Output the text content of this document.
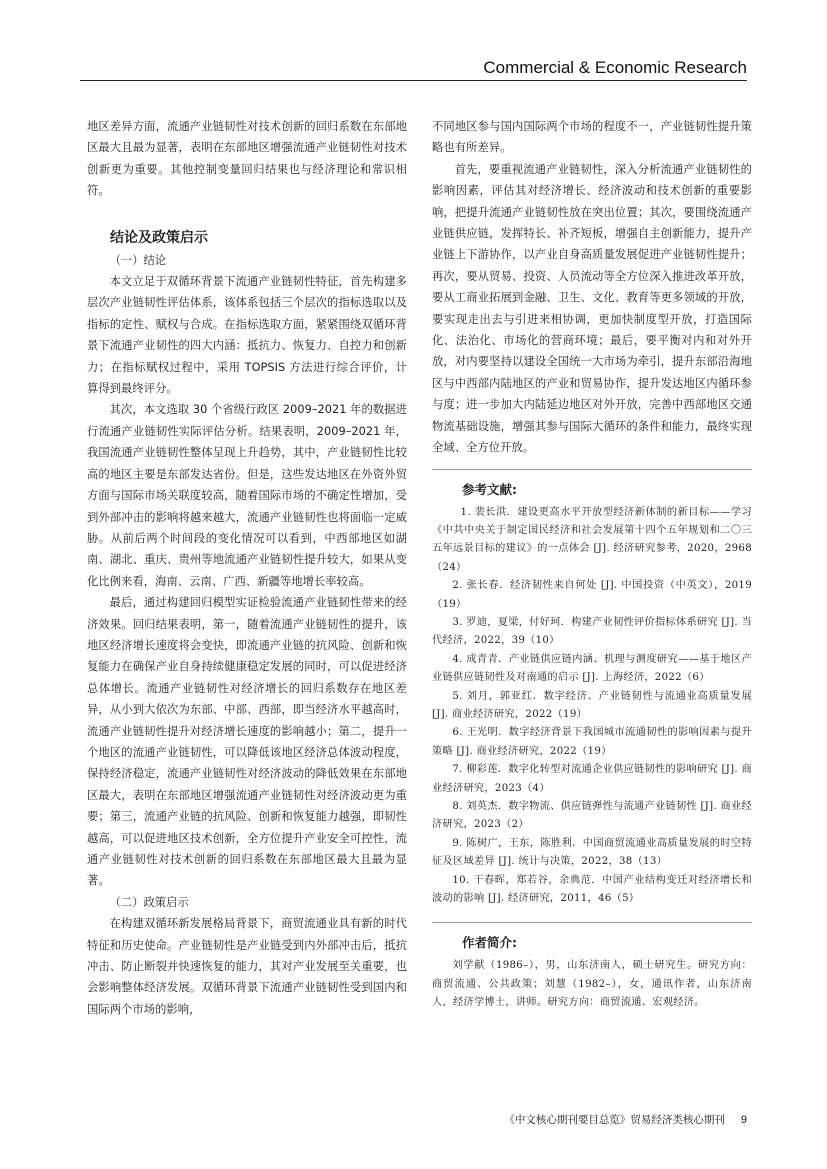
Commercial & Economic Research

地区差异方面，流通产业链韧性对技术创新的回归系数在东部地区最大且最为显著，表明在东部地区增强流通产业链韧性对技术创新更为重要。其他控制变量回归结果也与经济理论和常识相符。

结论及政策启示
（一）结论

本文立足于双循环背景下流通产业链韧性特征，首先构建多层次产业链韧性评估体系，该体系包括三个层次的指标选取以及指标的定性、赋权与合成。在指标选取方面，紧紧围绕双循环背景下流通产业韧性的四大内涵：抵抗力、恢复力、自控力和创新力；在指标赋权过程中，采用 TOPSIS 方法进行综合评价，计算得到最终评分。

其次，本文选取 30 个省级行政区 2009–2021 年的数据进行流通产业链韧性实际评估分析。结果表明，2009–2021 年，我国流通产业链韧性整体呈现上升趋势，其中，产业链韧性比较高的地区主要是东部发达省份。但是，这些发达地区在外资外贸方面与国际市场关联度较高，随着国际市场的不确定性增加，受到外部冲击的影响将越来越大，流通产业链韧性也将面临一定威胁。从前后两个时间段的变化情况可以看到，中西部地区如湖南、湖北、重庆、贵州等地流通产业链韧性提升较大，如果从变化比例来看，海南、云南、广西、新疆等地增长率较高。

最后，通过构建回归模型实证检验流通产业链韧性带来的经济效果。回归结果表明，第一，随着流通产业链韧性的提升，该地区经济增长速度将会变快，即流通产业链的抗风险、创新和恢复能力在确保产业自身持续健康稳定发展的同时，可以促进经济总体增长。流通产业链韧性对经济增长的回归系数存在地区差异，从小到大依次为东部、中部、西部，即当经济水平越高时，流通产业链韧性提升对经济增长速度的影响越小；第二，提升一个地区的流通产业链韧性，可以降低该地区经济总体波动程度，保持经济稳定，流通产业链韧性对经济波动的降低效果在东部地区最大，表明在东部地区增强流通产业链韧性对经济波动更为重要；第三，流通产业链的抗风险、创新和恢复能力越强，即韧性越高，可以促进地区技术创新，全方位提升产业安全可控性，流通产业链韧性对技术创新的回归系数在东部地区最大且最为显著。

（二）政策启示

在构建双循环新发展格局背景下，商贸流通业具有新的时代特征和历史使命。产业链韧性是产业链受到内外部冲击后，抵抗冲击、防止断裂并快速恢复的能力，其对产业发展至关重要，也会影响整体经济发展。双循环背景下流通产业链韧性受到国内和国际两个市场的影响，

不同地区参与国内国际两个市场的程度不一，产业链韧性提升策略也有所差异。

首先，要重视流通产业链韧性，深入分析流通产业链韧性的影响因素，评估其对经济增长、经济波动和技术创新的重要影响，把提升流通产业链韧性放在突出位置；其次，要围绕流通产业链供应链，发挥特长、补齐短板，增强自主创新能力，提升产业链上下游协作，以产业自身高质量发展促进产业链韧性提升；再次，要从贸易、投资、人员流动等全方位深入推进改革开放，要从工商业拓展到金融、卫生、文化、教育等更多领域的开放，要实现走出去与引进来相协调，更加快制度型开放，打造国际化、法治化、市场化的营商环境；最后，要平衡对内和对外开放，对内要坚持以建设全国统一大市场为牵引，提升东部沿海地区与中西部内陆地区的产业和贸易协作，提升发达地区内循环参与度；进一步加大内陆延边地区对外开放，完善中西部地区交通物流基础设施，增强其参与国际大循环的条件和能力，最终实现全域、全方位开放。

参考文献:
1. 裴长洪．建设更高水平开放型经济新体制的新目标——学习《中共中央关于制定国民经济和社会发展第十四个五年规划和二〇三五年远景目标的建议》的一点体会 [J]. 经济研究参考，2020，2968（24）
2. 张长春．经济韧性来自何处 [J]. 中国投资（中英文），2019（19）
3. 罗迪，夏梁，付好珂．构建产业韧性评价指标体系研究 [J]. 当代经济，2022，39（10）
4. 成青青．产业链供应链内涵、机理与测度研究——基于地区产业链供应链韧性及对南通的启示 [J]. 上海经济，2022（6）
5. 刘月，郭亚红．数字经济、产业链韧性与流通业高质量发展 [J]. 商业经济研究，2022（19）
6. 王光明．数字经济背景下我国城市流通韧性的影响因素与提升策略 [J]. 商业经济研究，2022（19）
7. 柳彩莲．数字化转型对流通企业供应链韧性的影响研究 [J]. 商业经济研究，2023（4）
8. 刘英杰．数字物流、供应链弹性与流通产业链韧性 [J]. 商业经济研究，2023（2）
9. 陈树广，王东，陈胜利．中国商贸流通业高质量发展的时空特征及区域差异 [J]. 统计与决策，2022，38（13）
10. 干春晖，郑若谷，余典范．中国产业结构变迁对经济增长和波动的影响 [J]. 经济研究，2011，46（5）
作者简介:
刘学献（1986–），男，山东济南人，硕士研究生。研究方向：商贸流通、公共政策；刘慧（1982–），女，通讯作者，山东济南人，经济学博士，讲师。研究方向：商贸流通、宏观经济。
《中文核心期刊要目总览》贸易经济类核心期刊 9
